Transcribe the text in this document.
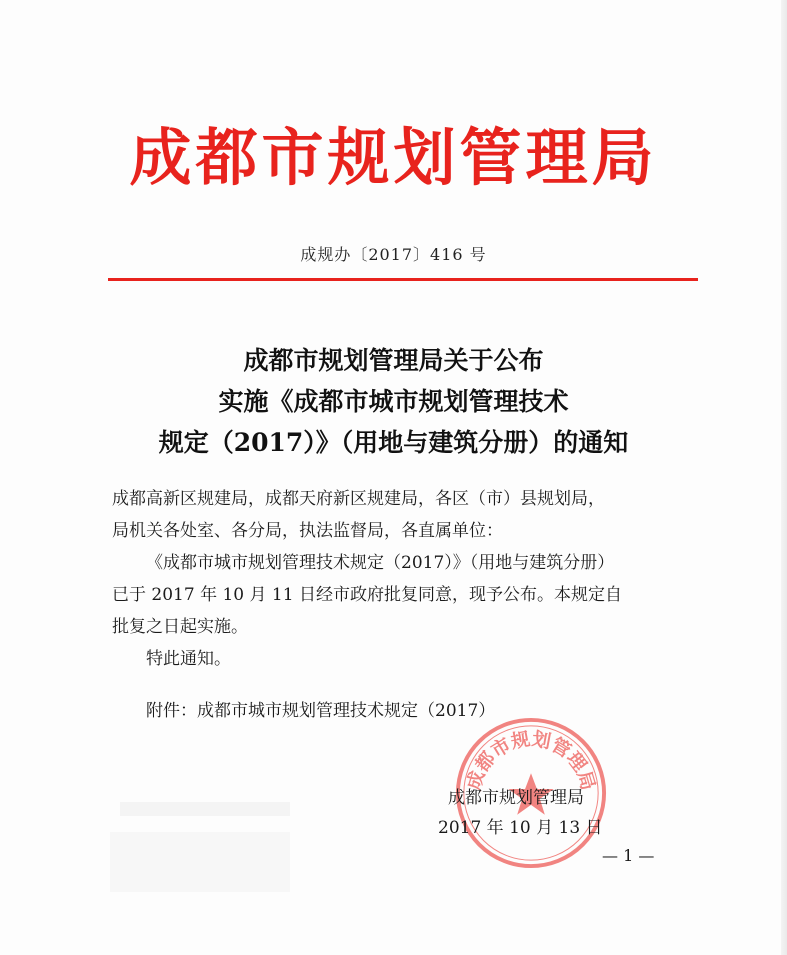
成都市规划管理局
成规办〔2017〕416 号
成都市规划管理局关于公布
实施《成都市城市规划管理技术
规定（2017）》（用地与建筑分册）的通知

成都高新区规建局，成都天府新区规建局，各区（市）县规划局，

局机关各处室、各分局，执法监督局，各直属单位：

《成都市城市规划管理技术规定（2017）》（用地与建筑分册）

已于 2017 年 10 月 11 日经市政府批复同意，现予公布。本规定自

批复之日起实施。

特此通知。

附件：成都市城市规划管理技术规定（2017）
成都市规划管理局
成都市规划管理局
2017 年 10 月 13 日
— 1 —
